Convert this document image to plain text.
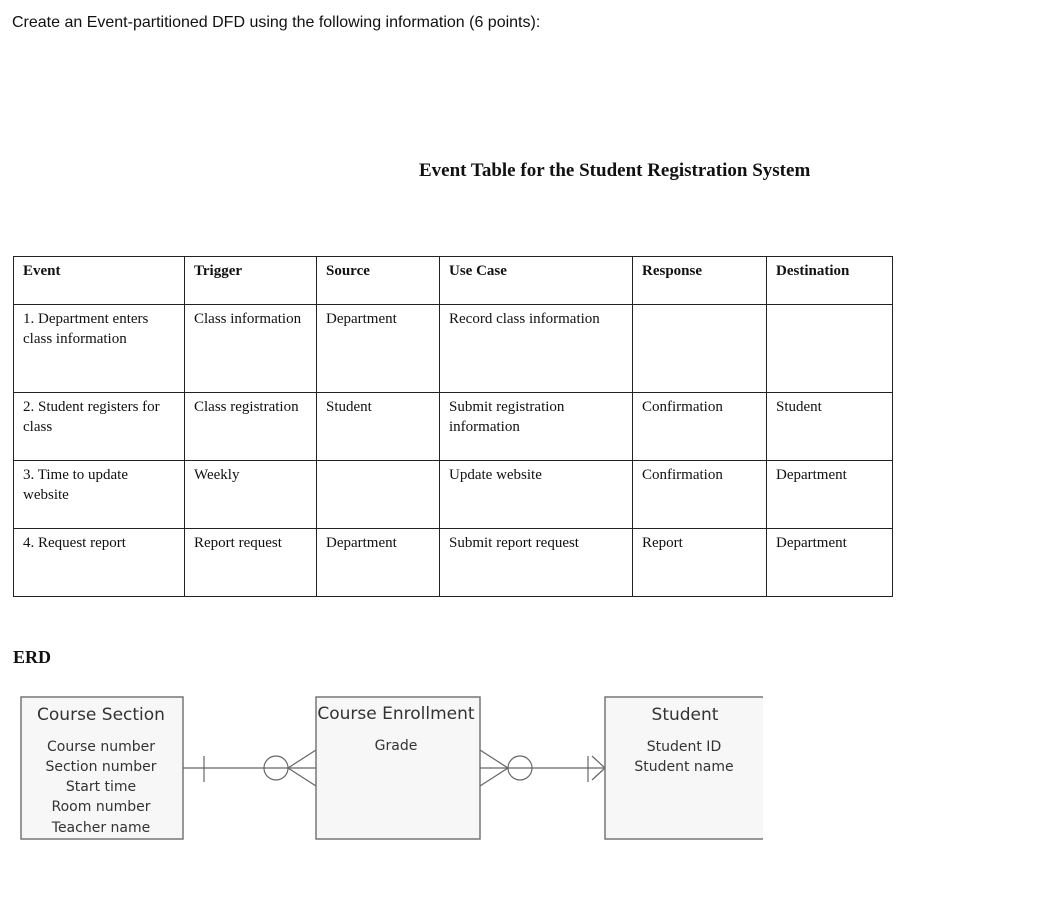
Create an Event-partitioned DFD using the following information (6 points):
Event Table for the Student Registration System
Event	Trigger	Source	Use Case	Response	Destination
1. Department enters class information	Class information	Department	Record class information		
2. Student registers for class	Class registration	Student	Submit registration information	Confirmation	Student
3. Time to update website	Weekly		Update website	Confirmation	Department
4. Request report	Report request	Department	Submit report request	Report	Department
ERD
Course Section
Course number
Section number
Start time
Room number
Teacher name
Course Enrollment
Grade
Student
Student ID
Student name
